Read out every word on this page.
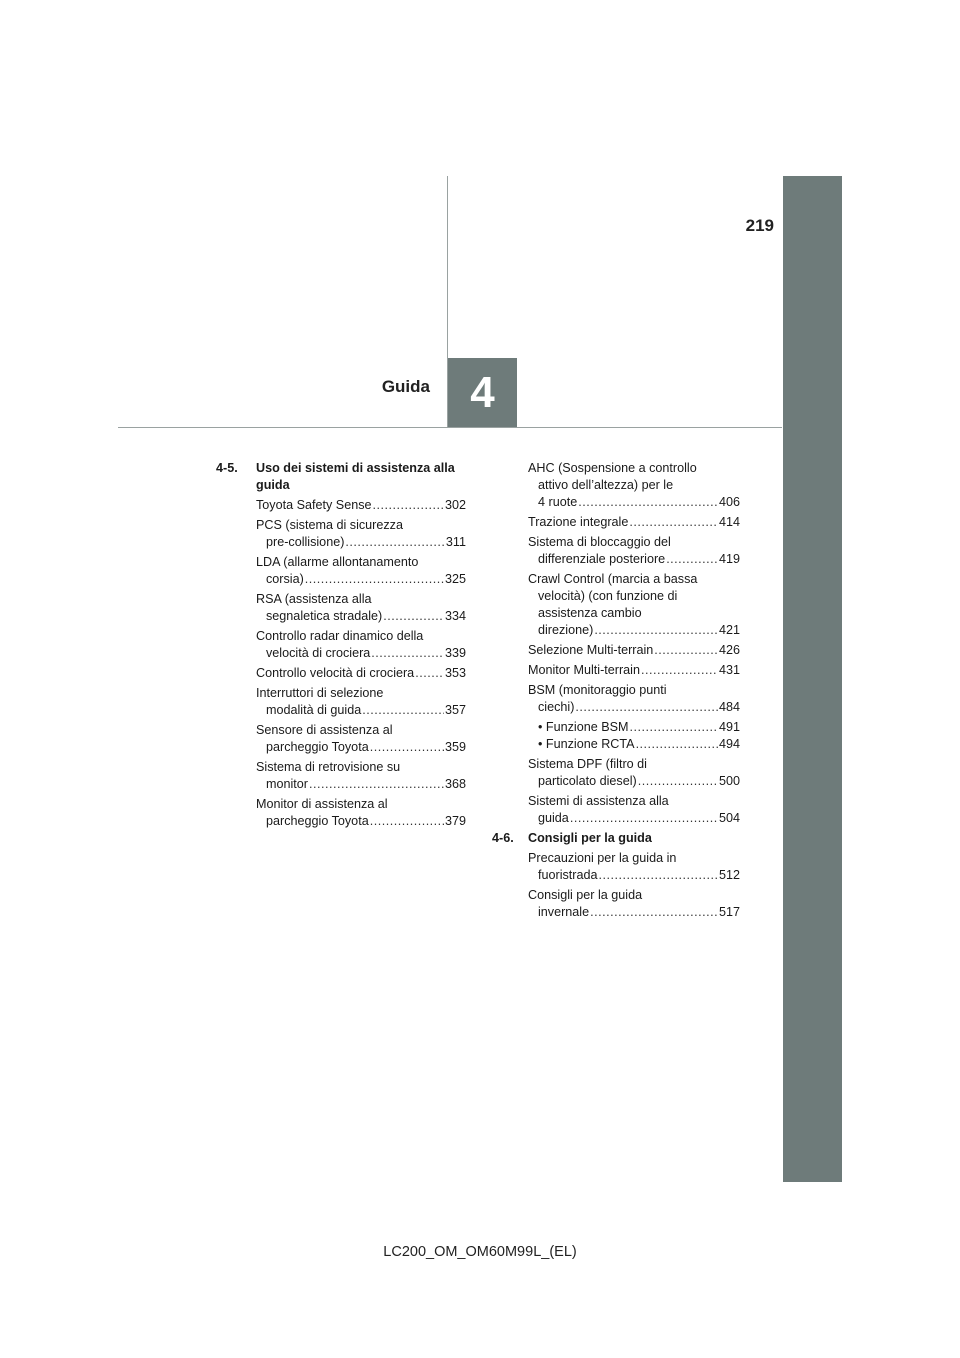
219
Guida 4
4-5. Uso dei sistemi di assistenza alla
guida
Toyota Safety Sense .....	302
PCS (sistema di sicurezza
pre-collisione) .....	311
LDA (allarme allontanamento
corsia) .....	325
RSA (assistenza alla
segnaletica stradale) .....	334
Controllo radar dinamico della
velocità di crociera .....	339
Controllo velocità di crociera ..... 353
Interruttori di selezione
modalità di guida .....	357
Sensore di assistenza al
parcheggio Toyota .....	359
Sistema di retrovisione su
monitor .....	368
Monitor di assistenza al
parcheggio Toyota .....	379
AHC (Sospensione a controllo
attivo dell’altezza) per le
4 ruote .....	406
Trazione integrale .....	414
Sistema di bloccaggio del
differenziale posteriore .....	419
Crawl Control (marcia a bassa
velocità) (con funzione di
assistenza cambio
direzione) .....	421
Selezione Multi-terrain .....	426
Monitor Multi-terrain .....	431
BSM (monitoraggio punti
ciechi) .....	484
• Funzione BSM .....	491
• Funzione RCTA .....	494
Sistema DPF (filtro di
particolato diesel) .....	500
Sistemi di assistenza alla
guida .....	504
4-6. Consigli per la guida
Precauzioni per la guida in
fuoristrada .....	512
Consigli per la guida
invernale .....	517
LC200_OM_OM60M99L_(EL)
